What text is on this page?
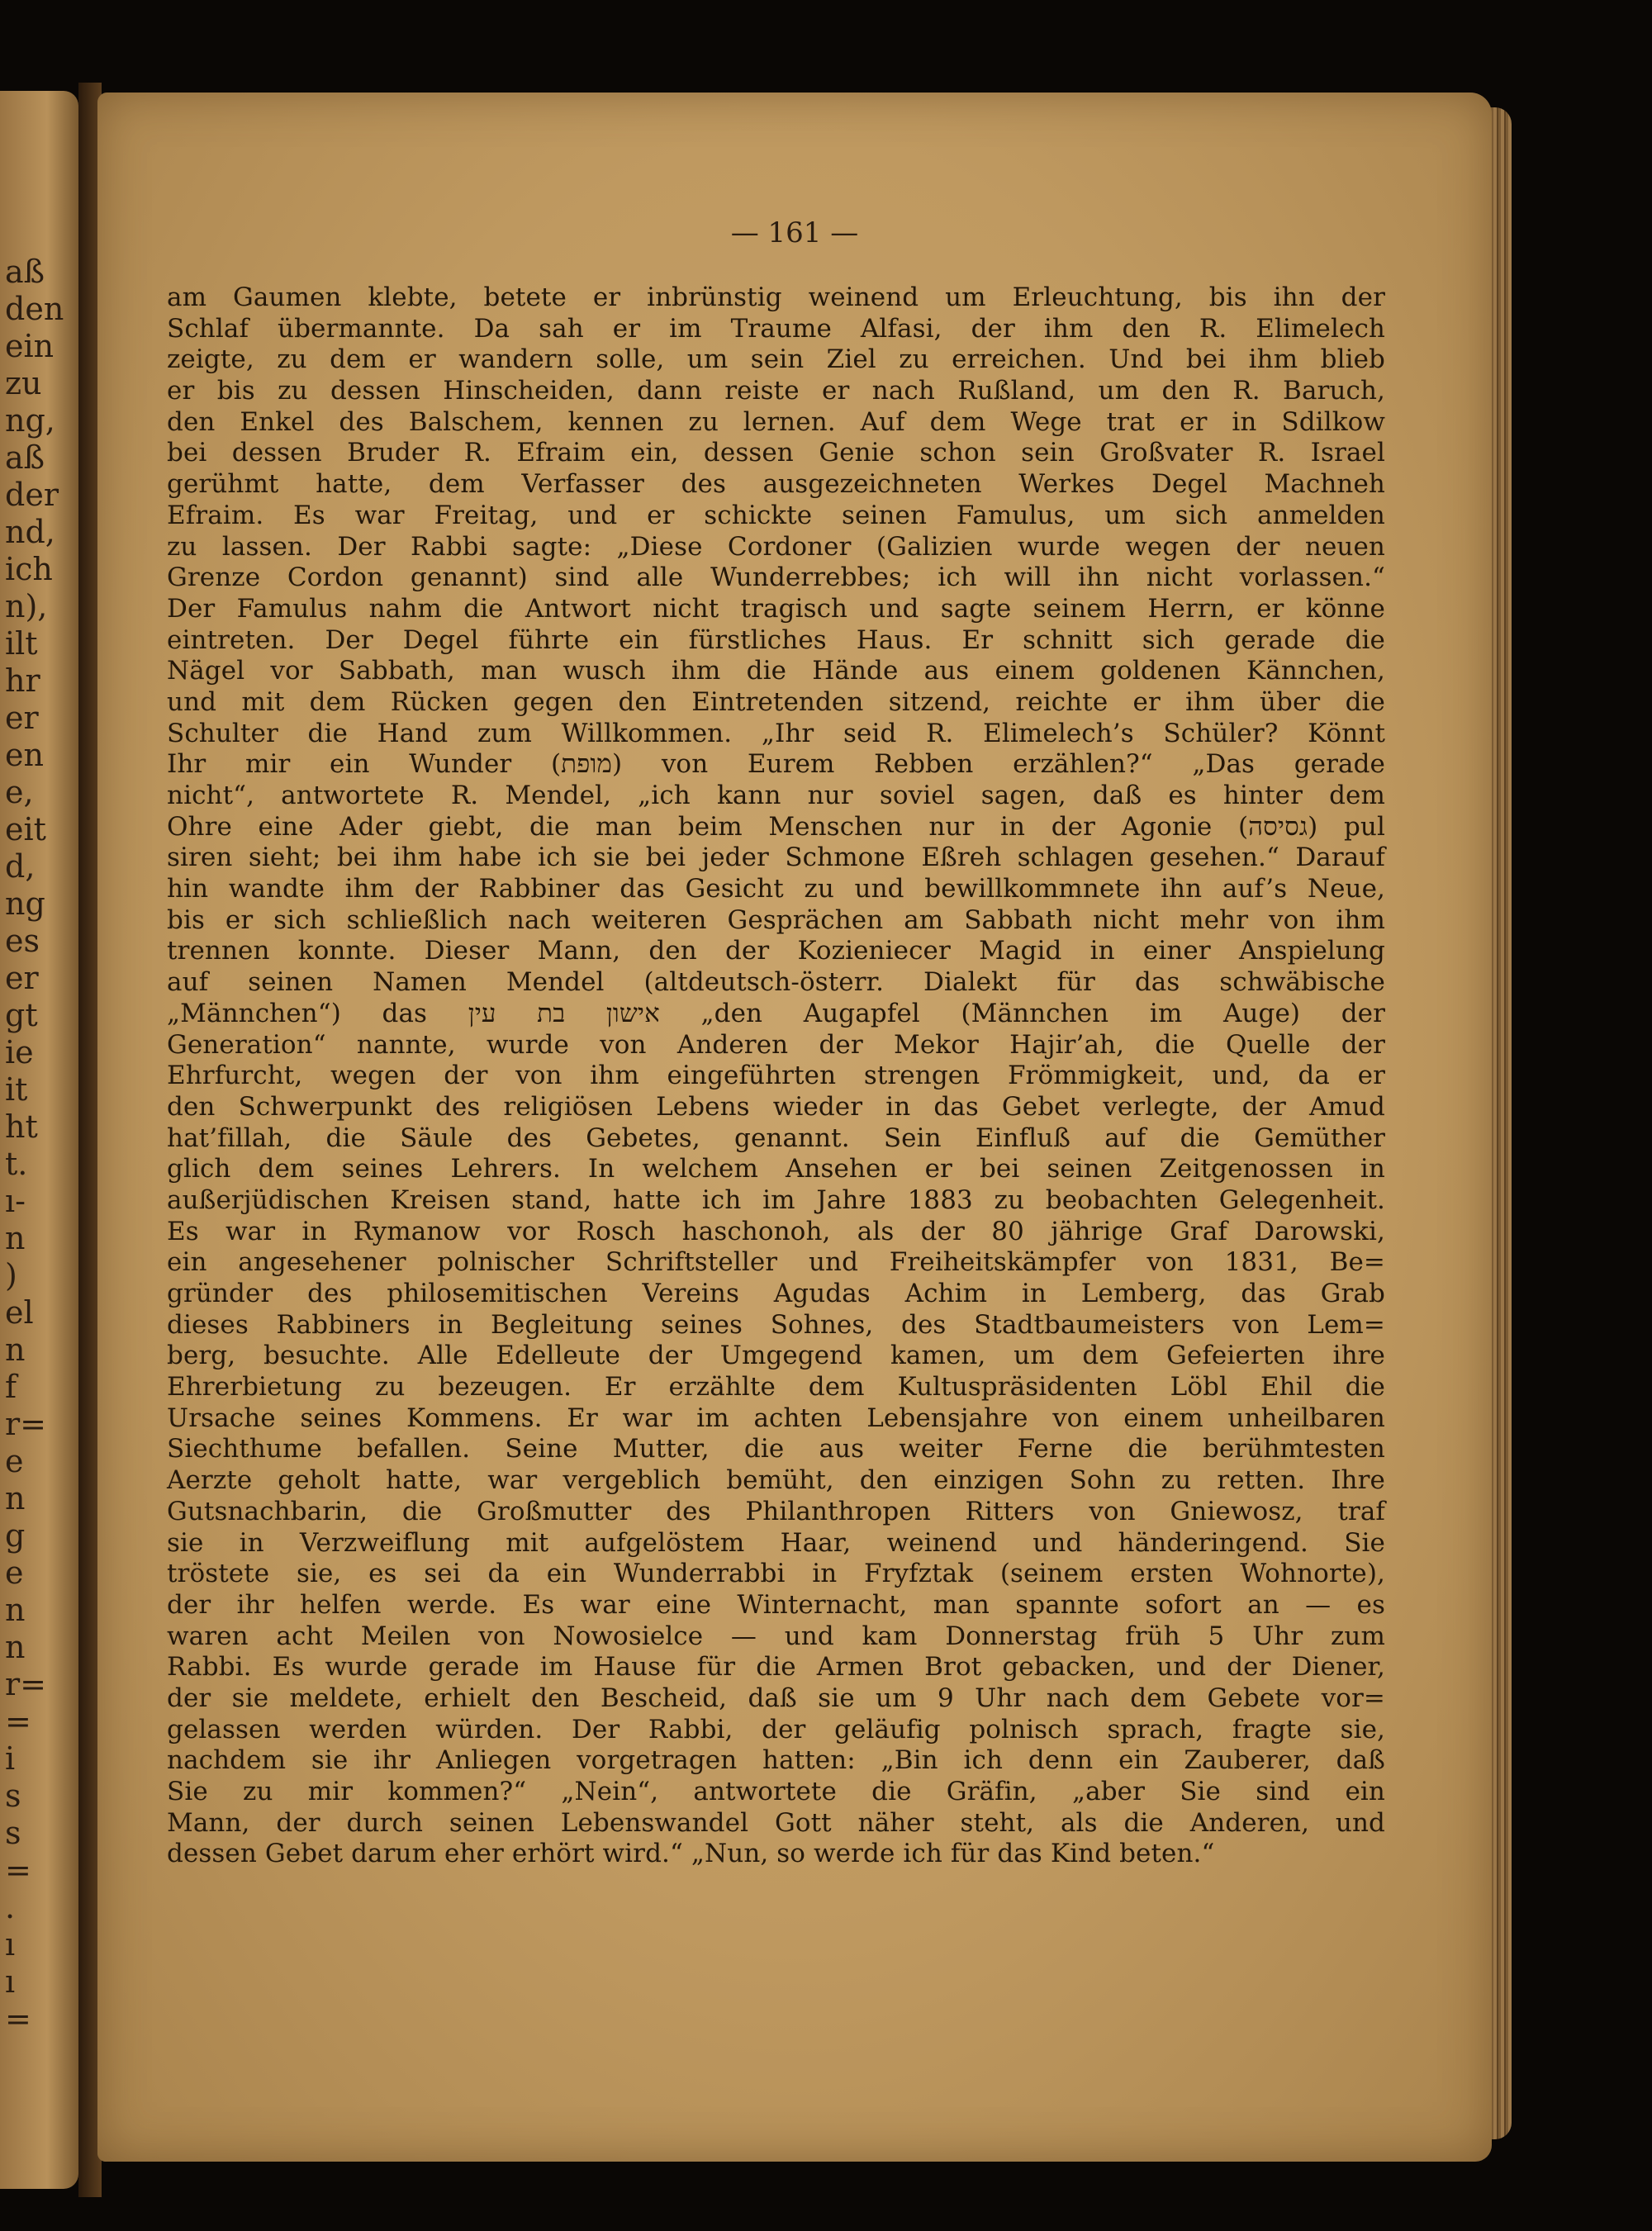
aß
den
ein
zu
ng,
aß
der
nd,
ich
n),
ilt
hr
er
en
e,
eit
d,
ng
es
er
gt
ie
it
ht
t.
ı-
n
)
el
n
f
r=
e
n
g
e
n
n
r=
=
i
s
s
=
.
ı
ı
=
— 161 —
am Gaumen klebte, betete er inbrünstig weinend um Erleuchtung, bis ihn der
Schlaf übermannte. Da sah er im Traume Alfasi, der ihm den R. Elimelech
zeigte, zu dem er wandern solle, um sein Ziel zu erreichen. Und bei ihm blieb
er bis zu dessen Hinscheiden, dann reiste er nach Rußland, um den R. Baruch,
den Enkel des Balschem, kennen zu lernen. Auf dem Wege trat er in Sdilkow
bei dessen Bruder R. Efraim ein, dessen Genie schon sein Großvater R. Israel
gerühmt hatte, dem Verfasser des ausgezeichneten Werkes Degel Machneh
Efraim. Es war Freitag, und er schickte seinen Famulus, um sich anmelden
zu lassen. Der Rabbi sagte: „Diese Cordoner (Galizien wurde wegen der neuen
Grenze Cordon genannt) sind alle Wunderrebbes; ich will ihn nicht vorlassen.“
Der Famulus nahm die Antwort nicht tragisch und sagte seinem Herrn, er könne
eintreten. Der Degel führte ein fürstliches Haus. Er schnitt sich gerade die
Nägel vor Sabbath, man wusch ihm die Hände aus einem goldenen Kännchen,
und mit dem Rücken gegen den Eintretenden sitzend, reichte er ihm über die
Schulter die Hand zum Willkommen. „Ihr seid R. Elimelech’s Schüler? Könnt
Ihr mir ein Wunder (מופת) von Eurem Rebben erzählen?“ „Das gerade
nicht“, antwortete R. Mendel, „ich kann nur soviel sagen, daß es hinter dem
Ohre eine Ader giebt, die man beim Menschen nur in der Agonie (גסיסה) pul
siren sieht; bei ihm habe ich sie bei jeder Schmone Eßreh schlagen gesehen.“ Darauf
hin wandte ihm der Rabbiner das Gesicht zu und bewillkommnete ihn auf’s Neue,
bis er sich schließlich nach weiteren Gesprächen am Sabbath nicht mehr von ihm
trennen konnte. Dieser Mann, den der Kozieniecer Magid in einer Anspielung
auf seinen Namen Mendel (altdeutsch-österr. Dialekt für das schwäbische
„Männchen“) das אישון בת עין „den Augapfel (Männchen im Auge) der
Generation“ nannte, wurde von Anderen der Mekor Hajir’ah, die Quelle der
Ehrfurcht, wegen der von ihm eingeführten strengen Frömmigkeit, und, da er
den Schwerpunkt des religiösen Lebens wieder in das Gebet verlegte, der Amud
hat’fillah, die Säule des Gebetes, genannt. Sein Einfluß auf die Gemüther
glich dem seines Lehrers. In welchem Ansehen er bei seinen Zeitgenossen in
außerjüdischen Kreisen stand, hatte ich im Jahre 1883 zu beobachten Gelegenheit.
Es war in Rymanow vor Rosch haschonoh, als der 80 jährige Graf Darowski,
ein angesehener polnischer Schriftsteller und Freiheitskämpfer von 1831, Be=
gründer des philosemitischen Vereins Agudas Achim in Lemberg, das Grab
dieses Rabbiners in Begleitung seines Sohnes, des Stadtbaumeisters von Lem=
berg, besuchte. Alle Edelleute der Umgegend kamen, um dem Gefeierten ihre
Ehrerbietung zu bezeugen. Er erzählte dem Kultuspräsidenten Löbl Ehil die
Ursache seines Kommens. Er war im achten Lebensjahre von einem unheilbaren
Siechthume befallen. Seine Mutter, die aus weiter Ferne die berühmtesten
Aerzte geholt hatte, war vergeblich bemüht, den einzigen Sohn zu retten. Ihre
Gutsnachbarin, die Großmutter des Philanthropen Ritters von Gniewosz, traf
sie in Verzweiflung mit aufgelöstem Haar, weinend und händeringend. Sie
tröstete sie, es sei da ein Wunderrabbi in Fryfztak (seinem ersten Wohnorte),
der ihr helfen werde. Es war eine Winternacht, man spannte sofort an — es
waren acht Meilen von Nowosielce — und kam Donnerstag früh 5 Uhr zum
Rabbi. Es wurde gerade im Hause für die Armen Brot gebacken, und der Diener,
der sie meldete, erhielt den Bescheid, daß sie um 9 Uhr nach dem Gebete vor=
gelassen werden würden. Der Rabbi, der geläufig polnisch sprach, fragte sie,
nachdem sie ihr Anliegen vorgetragen hatten: „Bin ich denn ein Zauberer, daß
Sie zu mir kommen?“ „Nein“, antwortete die Gräfin, „aber Sie sind ein
Mann, der durch seinen Lebenswandel Gott näher steht, als die Anderen, und
dessen Gebet darum eher erhört wird.“ „Nun, so werde ich für das Kind beten.“
